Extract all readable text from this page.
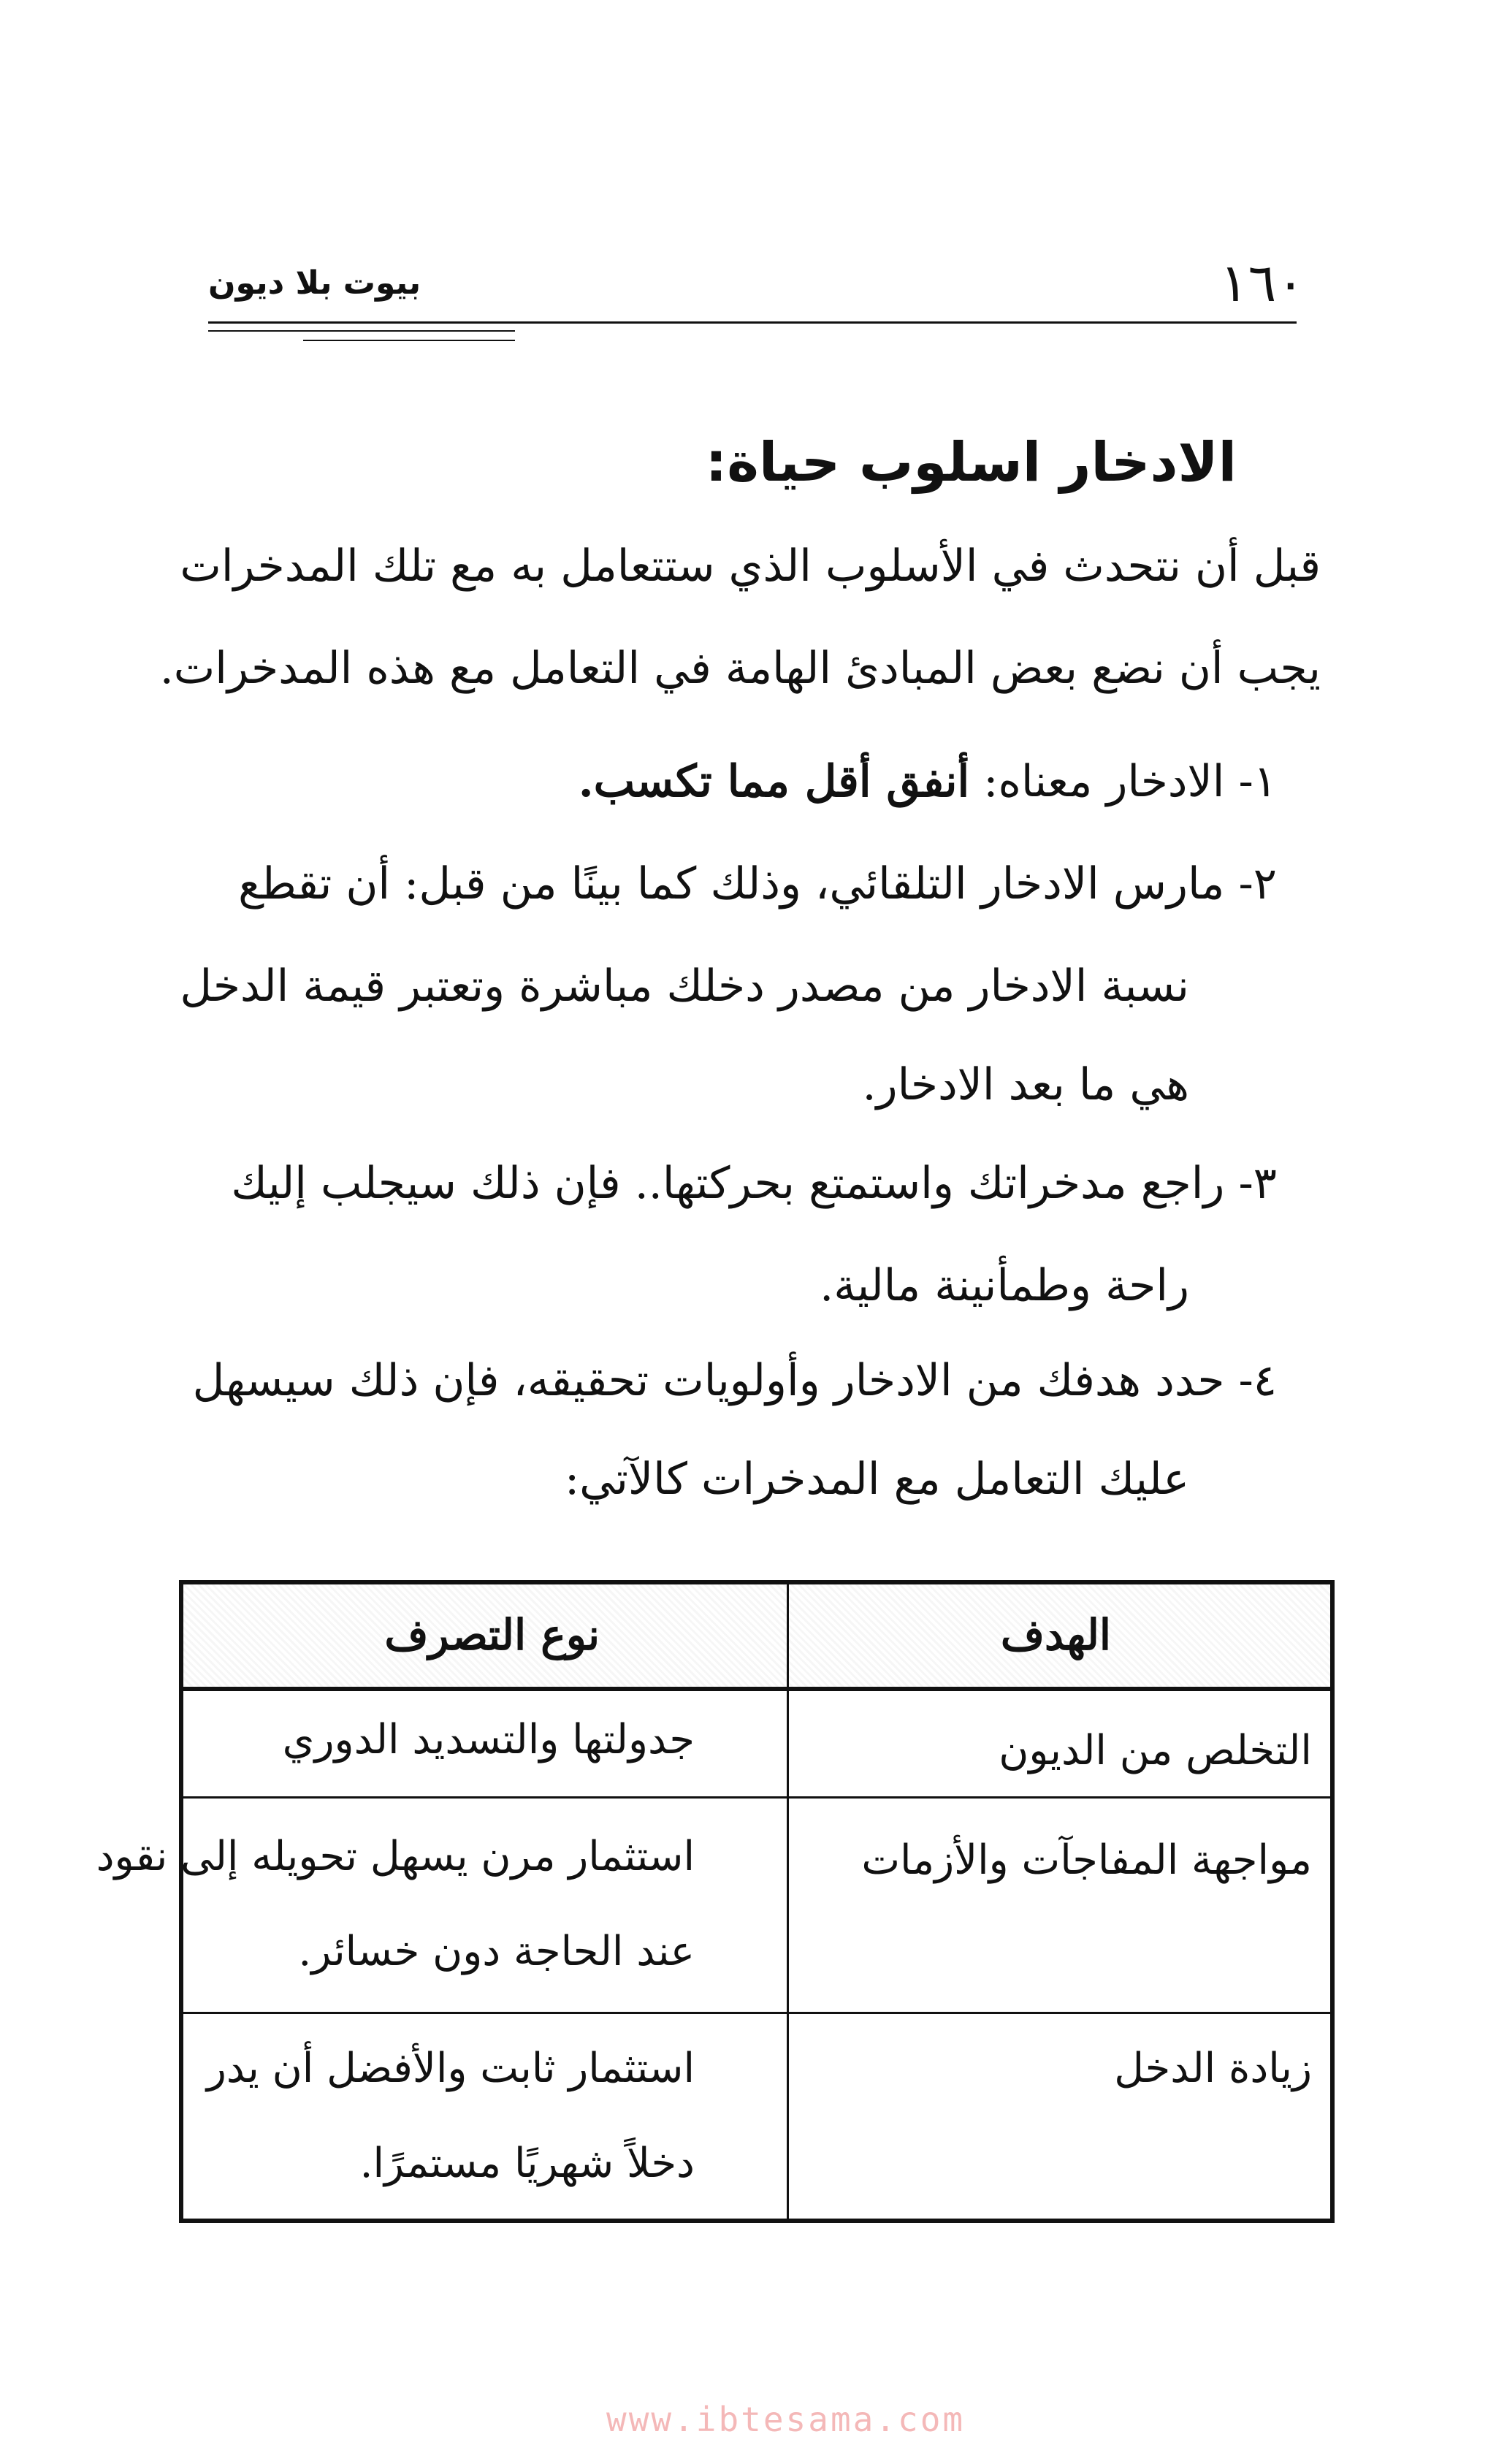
١٦٠
بيوت بلا ديون
الادخار اسلوب حياة:
قبل أن نتحدث في الأسلوب الذي ستتعامل به مع تلك المدخرات
يجب أن نضع بعض المبادئ الهامة في التعامل مع هذه المدخرات.
١- الادخار معناه: أنفق أقل مما تكسب.
٢- مارس الادخار التلقائي، وذلك كما بينًا من قبل: أن تقطع
نسبة الادخار من مصدر دخلك مباشرة وتعتبر قيمة الدخل
هي ما بعد الادخار.
٣- راجع مدخراتك واستمتع بحركتها.. فإن ذلك سيجلب إليك
راحة وطمأنينة مالية.
٤- حدد هدفك من الادخار وأولويات تحقيقه، فإن ذلك سيسهل
عليك التعامل مع المدخرات كالآتي:
الهدف
نوع التصرف
التخلص من الديون
جدولتها والتسديد الدوري
مواجهة المفاجآت والأزمات
استثمار مرن يسهل تحويله إلى نقود
عند الحاجة دون خسائر.
زيادة الدخل
استثمار ثابت والأفضل أن يدر
دخلاً شهريًا مستمرًا.
www.ibtesama.com
